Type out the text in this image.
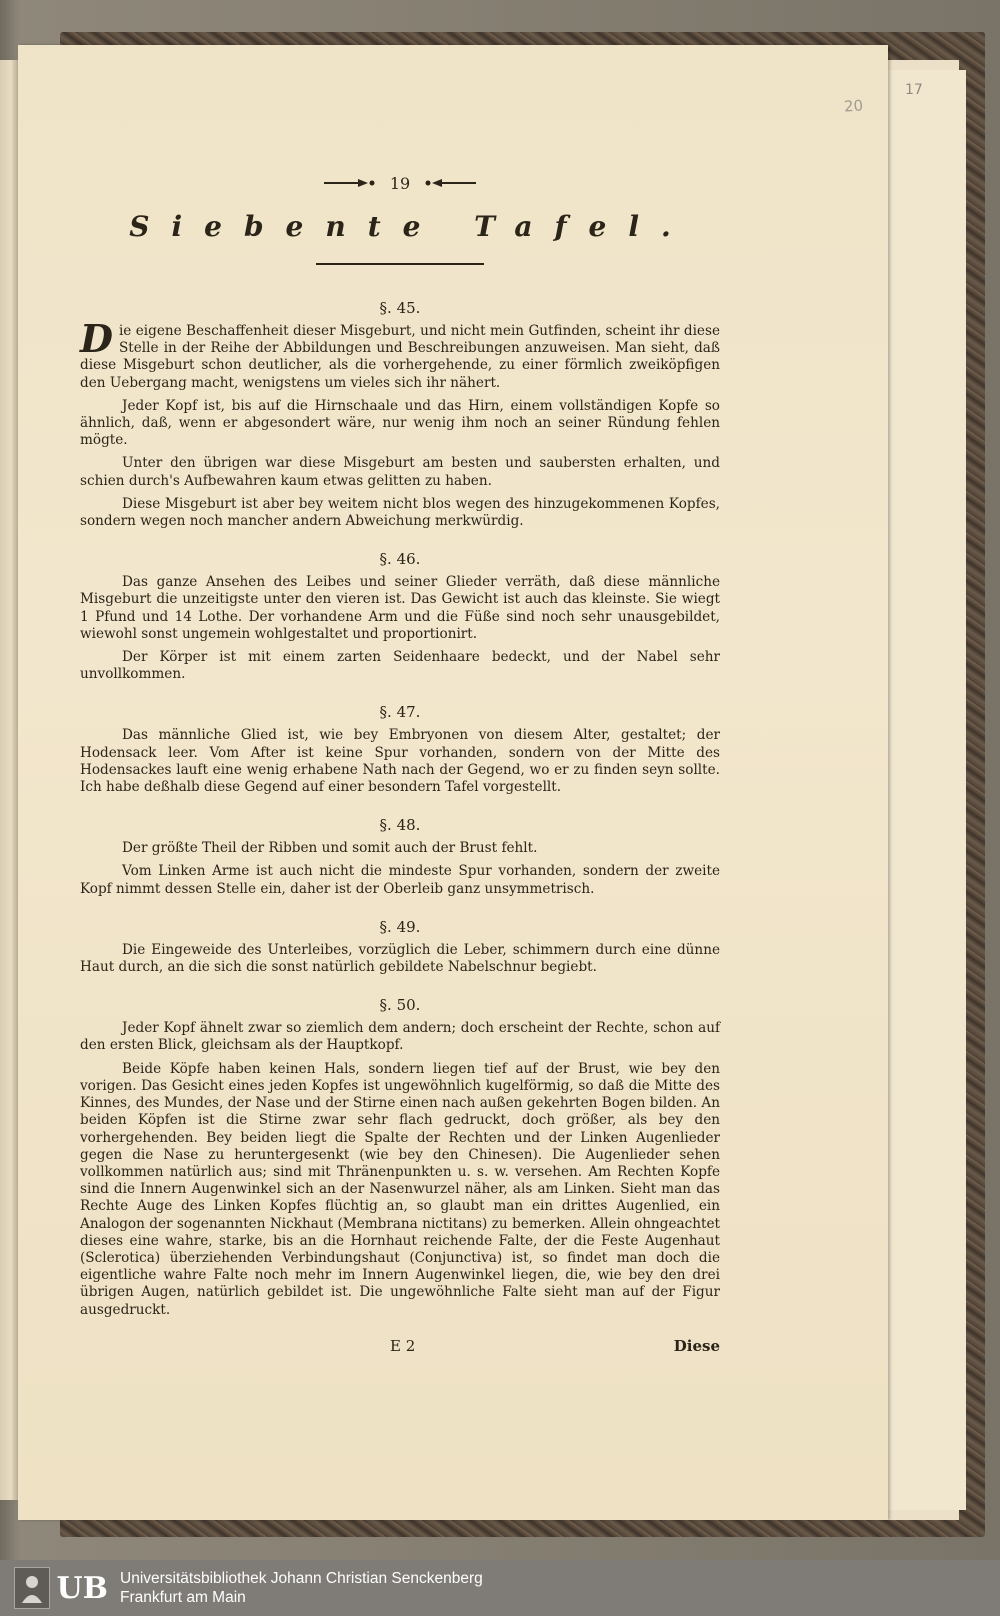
20
17
19
Siebente Tafel.
§. 45.

Die eigene Beschaffenheit dieser Misgeburt, und nicht mein Gutfinden, scheint ihr diese Stelle in der Reihe der Abbildungen und Beschreibungen anzuweisen. Man sieht, daß diese Misgeburt schon deutlicher, als die vorhergehende, zu einer förmlich zweiköpfigen den Uebergang macht, wenigstens um vieles sich ihr nähert.

Jeder Kopf ist, bis auf die Hirnschaale und das Hirn, einem vollständigen Kopfe so ähnlich, daß, wenn er abgesondert wäre, nur wenig ihm noch an seiner Ründung fehlen mögte.

Unter den übrigen war diese Misgeburt am besten und saubersten erhalten, und schien durch's Aufbewahren kaum etwas gelitten zu haben.

Diese Misgeburt ist aber bey weitem nicht blos wegen des hinzugekommenen Kopfes, sondern wegen noch mancher andern Abweichung merkwürdig.

§. 46.

Das ganze Ansehen des Leibes und seiner Glieder verräth, daß diese männliche Misgeburt die unzeitigste unter den vieren ist. Das Gewicht ist auch das kleinste. Sie wiegt 1 Pfund und 14 Lothe. Der vorhandene Arm und die Füße sind noch sehr unausgebildet, wiewohl sonst ungemein wohlgestaltet und proportionirt.

Der Körper ist mit einem zarten Seidenhaare bedeckt, und der Nabel sehr unvollkommen.

§. 47.

Das männliche Glied ist, wie bey Embryonen von diesem Alter, gestaltet; der Hodensack leer. Vom After ist keine Spur vorhanden, sondern von der Mitte des Hodensackes lauft eine wenig erhabene Nath nach der Gegend, wo er zu finden seyn sollte. Ich habe deßhalb diese Gegend auf einer besondern Tafel vorgestellt.

§. 48.

Der größte Theil der Ribben und somit auch der Brust fehlt.

Vom Linken Arme ist auch nicht die mindeste Spur vorhanden, sondern der zweite Kopf nimmt dessen Stelle ein, daher ist der Oberleib ganz unsymmetrisch.

§. 49.

Die Eingeweide des Unterleibes, vorzüglich die Leber, schimmern durch eine dünne Haut durch, an die sich die sonst natürlich gebildete Nabelschnur begiebt.

§. 50.

Jeder Kopf ähnelt zwar so ziemlich dem andern; doch erscheint der Rechte, schon auf den ersten Blick, gleichsam als der Hauptkopf.

Beide Köpfe haben keinen Hals, sondern liegen tief auf der Brust, wie bey den vorigen. Das Gesicht eines jeden Kopfes ist ungewöhnlich kugelförmig, so daß die Mitte des Kinnes, des Mundes, der Nase und der Stirne einen nach außen gekehrten Bogen bilden. An beiden Köpfen ist die Stirne zwar sehr flach gedruckt, doch größer, als bey den vorhergehenden. Bey beiden liegt die Spalte der Rechten und der Linken Augenlieder gegen die Nase zu heruntergesenkt (wie bey den Chinesen). Die Augenlieder sehen vollkommen natürlich aus; sind mit Thränenpunkten u. s. w. versehen. Am Rechten Kopfe sind die Innern Augenwinkel sich an der Nasenwurzel näher, als am Linken. Sieht man das Rechte Auge des Linken Kopfes flüchtig an, so glaubt man ein drittes Augenlied, ein Analogon der sogenannten Nickhaut (Membrana nictitans) zu bemerken. Allein ohngeachtet dieses eine wahre, starke, bis an die Hornhaut reichende Falte, der die Feste Augenhaut (Sclerotica) überziehenden Verbindungshaut (Conjunctiva) ist, so findet man doch die eigentliche wahre Falte noch mehr im Innern Augenwinkel liegen, die, wie bey den drei übrigen Augen, natürlich gebildet ist. Die ungewöhnliche Falte sieht man auf der Figur ausgedruckt.

E 2	Diese
UB Universitätsbibliothek Johann Christian Senckenberg
Frankfurt am Main
